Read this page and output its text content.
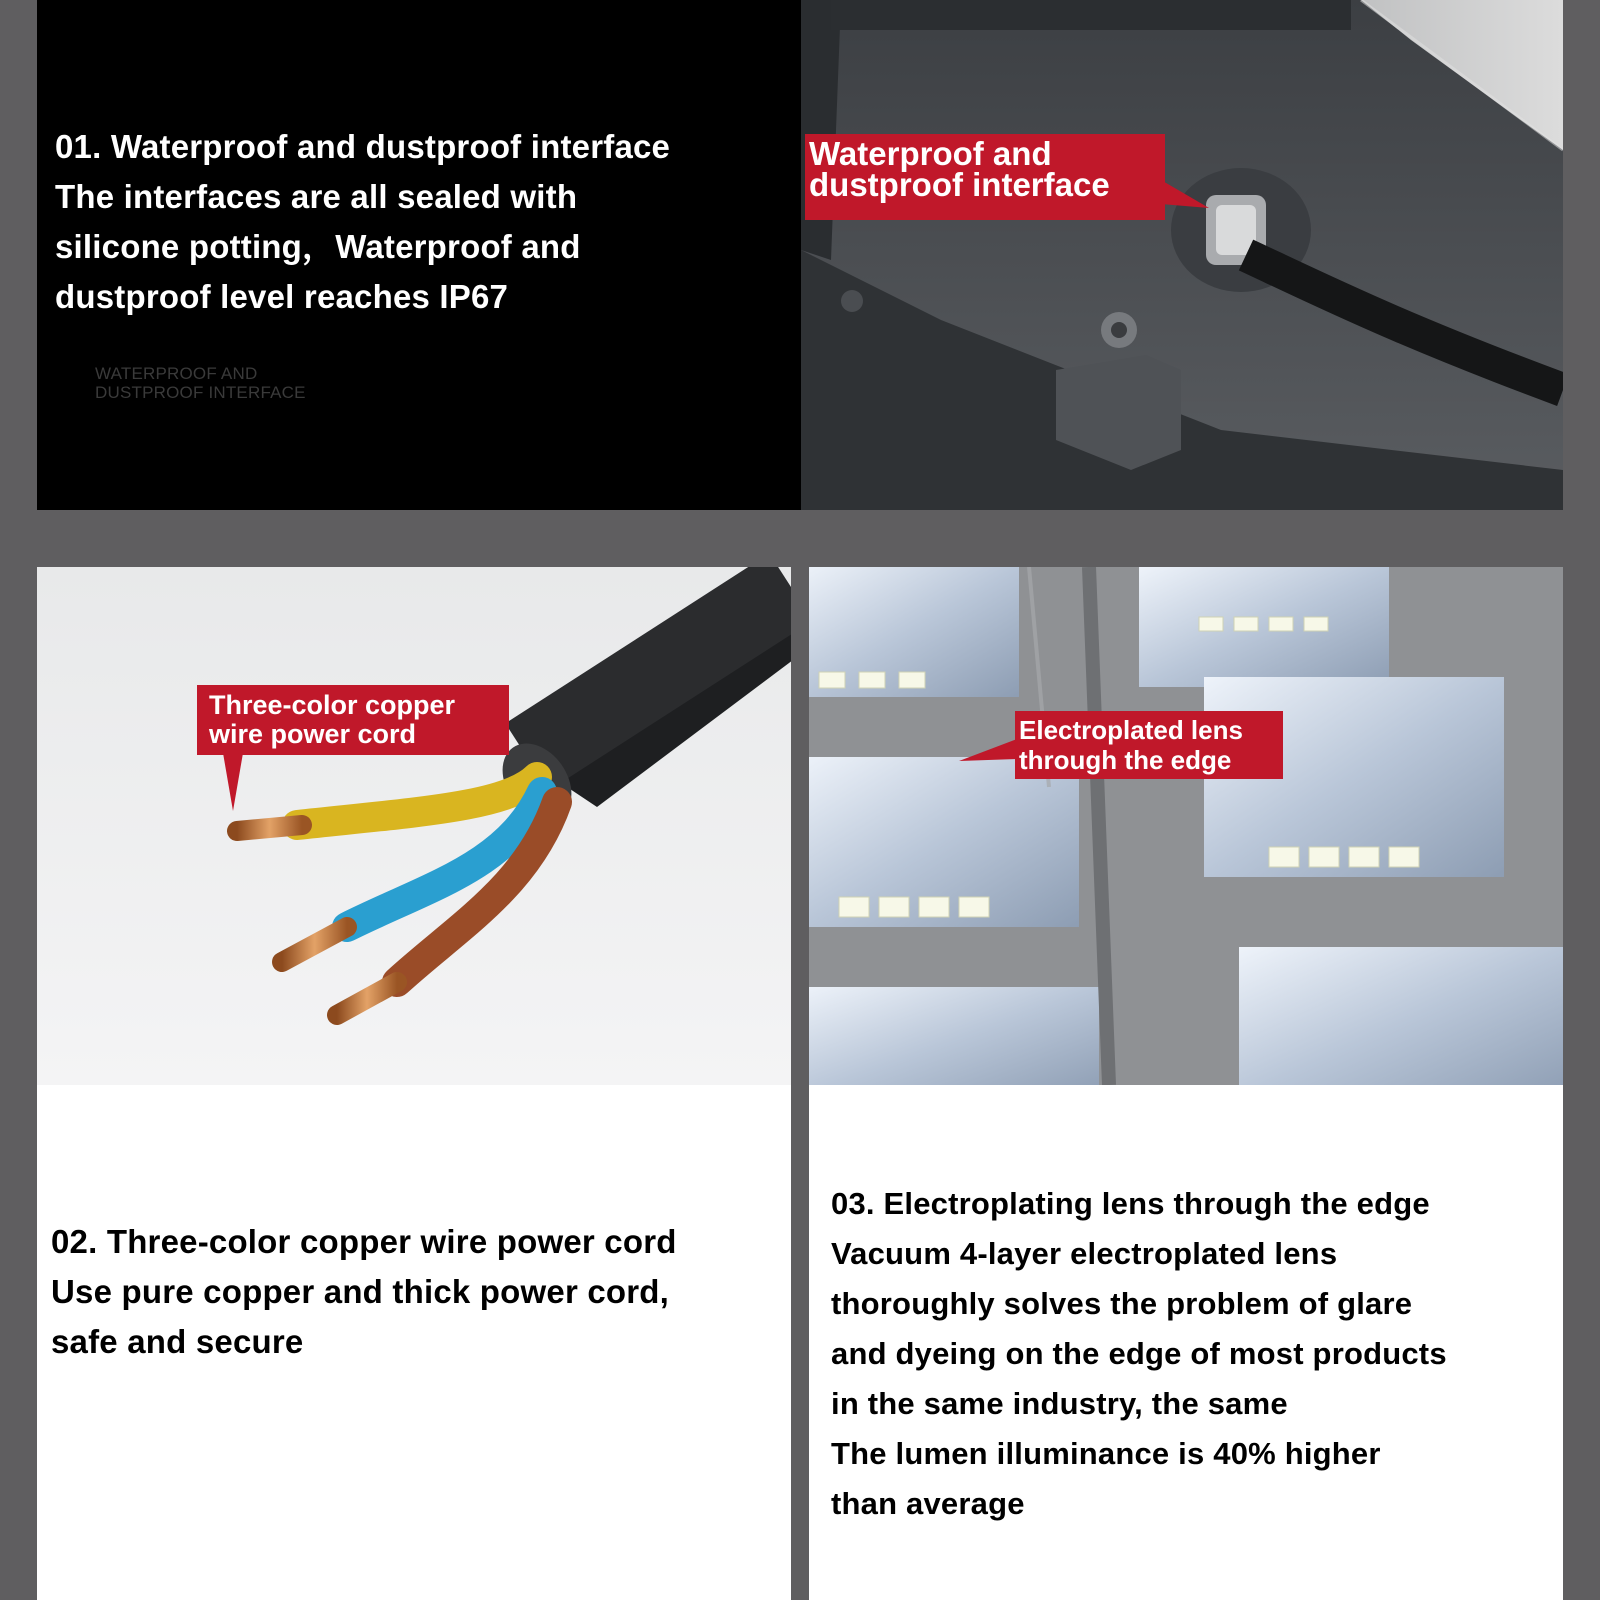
01. Waterproof and dustproof interface
The interfaces are all sealed with
silicone potting，Waterproof and
dustproof level reaches IP67
WATERPROOF AND
DUSTPROOF INTERFACE
Waterproof and
dustproof interface
Three-color copper
wire power cord
02. Three-color copper wire power cord
Use pure copper and thick power cord,
safe and secure
Electroplated lens
through the edge
03. Electroplating lens through the edge
Vacuum 4-layer electroplated lens
thoroughly solves the problem of glare
and dyeing on the edge of most products
in the same industry, the same
The lumen illuminance is 40% higher
than average
